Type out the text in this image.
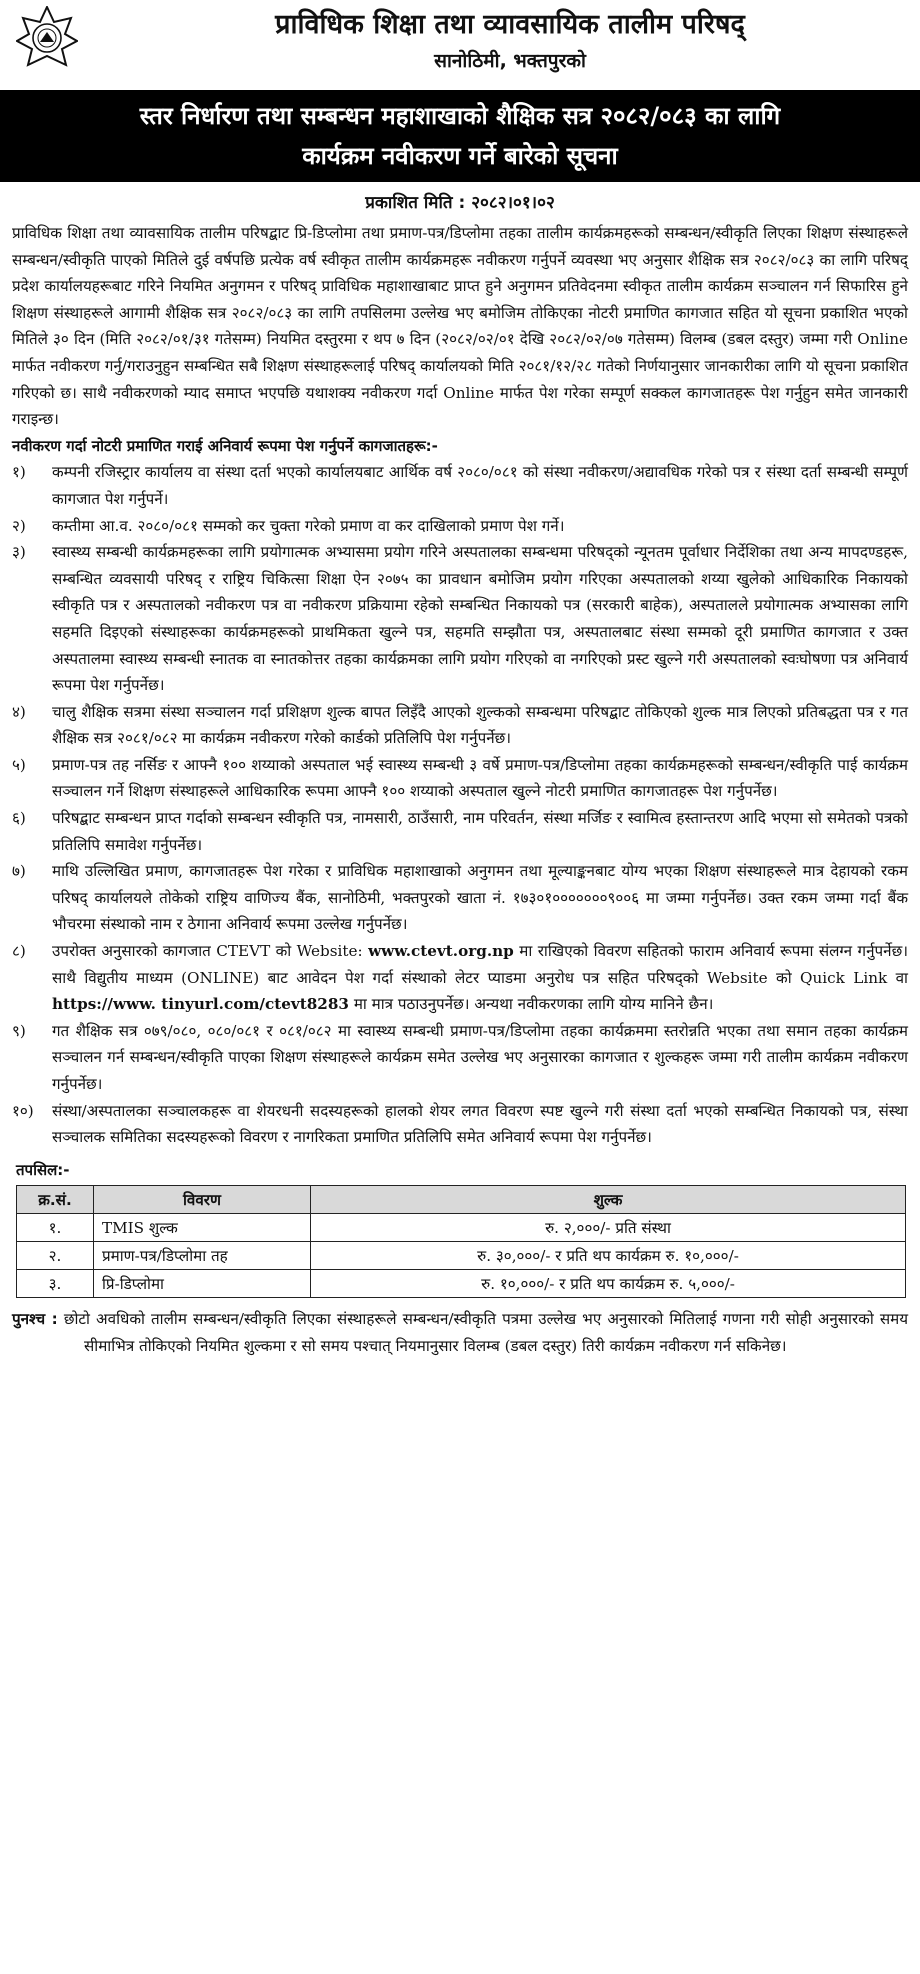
प्राविधिक शिक्षा तथा व्यावसायिक तालीम परिषद्
सानोठिमी, भक्तपुरको
स्तर निर्धारण तथा सम्बन्धन महाशाखाको शैक्षिक सत्र २०८२/०८३ का लागि
कार्यक्रम नवीकरण गर्ने बारेको सूचना
प्रकाशित मिति : २०८२।०१।०२

प्राविधिक शिक्षा तथा व्यावसायिक तालीम परिषद्बाट प्रि-डिप्लोमा तथा प्रमाण-पत्र/डिप्लोमा तहका तालीम कार्यक्रमहरूको सम्बन्धन/स्वीकृति लिएका शिक्षण संस्थाहरूले सम्बन्धन/स्वीकृति पाएको मितिले दुई वर्षपछि प्रत्येक वर्ष स्वीकृत तालीम कार्यक्रमहरू नवीकरण गर्नुपर्ने व्यवस्था भए अनुसार शैक्षिक सत्र २०८२/०८३ का लागि परिषद् प्रदेश कार्यालयहरूबाट गरिने नियमित अनुगमन र परिषद् प्राविधिक महाशाखाबाट प्राप्त हुने अनुगमन प्रतिवेदनमा स्वीकृत तालीम कार्यक्रम सञ्चालन गर्न सिफारिस हुने शिक्षण संस्थाहरूले आगामी शैक्षिक सत्र २०८२/०८३ का लागि तपसिलमा उल्लेख भए बमोजिम तोकिएका नोटरी प्रमाणित कागजात सहित यो सूचना प्रकाशित भएको मितिले ३० दिन (मिति २०८२/०१/३१ गतेसम्म) नियमित दस्तुरमा र थप ७ दिन (२०८२/०२/०१ देखि २०८२/०२/०७ गतेसम्म) विलम्ब (डबल दस्तुर) जम्मा गरी Online मार्फत नवीकरण गर्नु/गराउनुहुन सम्बन्धित सबै शिक्षण संस्थाहरूलाई परिषद् कार्यालयको मिति २०८१/१२/२८ गतेको निर्णयानुसार जानकारीका लागि यो सूचना प्रकाशित गरिएको छ। साथै नवीकरणको म्याद समाप्त भएपछि यथाशक्य नवीकरण गर्दा Online मार्फत पेश गरेका सम्पूर्ण सक्कल कागजातहरू पेश गर्नुहुन समेत जानकारी गराइन्छ।

नवीकरण गर्दा नोटरी प्रमाणित गराई अनिवार्य रूपमा पेश गर्नुपर्ने कागजातहरू:-

१)	कम्पनी रजिस्ट्रार कार्यालय वा संस्था दर्ता भएको कार्यालयबाट आर्थिक वर्ष २०८०/०८१ को संस्था नवीकरण/अद्यावधिक गरेको पत्र र संस्था दर्ता सम्बन्धी सम्पूर्ण कागजात पेश गर्नुपर्ने।
२)	कम्तीमा आ.व. २०८०/०८१ सम्मको कर चुक्ता गरेको प्रमाण वा कर दाखिलाको प्रमाण पेश गर्ने।
३)	स्वास्थ्य सम्बन्धी कार्यक्रमहरूका लागि प्रयोगात्मक अभ्यासमा प्रयोग गरिने अस्पतालका सम्बन्धमा परिषद्को न्यूनतम पूर्वाधार निर्देशिका तथा अन्य मापदण्डहरू, सम्बन्धित व्यवसायी परिषद् र राष्ट्रिय चिकित्सा शिक्षा ऐन २०७५ का प्रावधान बमोजिम प्रयोग गरिएका अस्पतालको शय्या खुलेको आधिकारिक निकायको स्वीकृति पत्र र अस्पतालको नवीकरण पत्र वा नवीकरण प्रक्रियामा रहेको सम्बन्धित निकायको पत्र (सरकारी बाहेक), अस्पतालले प्रयोगात्मक अभ्यासका लागि सहमति दिइएको संस्थाहरूका कार्यक्रमहरूको प्राथमिकता खुल्ने पत्र, सहमति सम्झौता पत्र, अस्पतालबाट संस्था सम्मको दूरी प्रमाणित कागजात र उक्त अस्पतालमा स्वास्थ्य सम्बन्धी स्नातक वा स्नातकोत्तर तहका कार्यक्रमका लागि प्रयोग गरिएको वा नगरिएको प्रस्ट खुल्ने गरी अस्पतालको स्वःघोषणा पत्र अनिवार्य रूपमा पेश गर्नुपर्नेछ।
४)	चालु शैक्षिक सत्रमा संस्था सञ्चालन गर्दा प्रशिक्षण शुल्क बापत लिइँदै आएको शुल्कको सम्बन्धमा परिषद्बाट तोकिएको शुल्क मात्र लिएको प्रतिबद्धता पत्र र गत शैक्षिक सत्र २०८१/०८२ मा कार्यक्रम नवीकरण गरेको कार्डको प्रतिलिपि पेश गर्नुपर्नेछ।
५)	प्रमाण-पत्र तह नर्सिङ र आफ्नै १०० शय्याको अस्पताल भई स्वास्थ्य सम्बन्धी ३ वर्षे प्रमाण-पत्र/डिप्लोमा तहका कार्यक्रमहरूको सम्बन्धन/स्वीकृति पाई कार्यक्रम सञ्चालन गर्ने शिक्षण संस्थाहरूले आधिकारिक रूपमा आफ्नै १०० शय्याको अस्पताल खुल्ने नोटरी प्रमाणित कागजातहरू पेश गर्नुपर्नेछ।
६)	परिषद्बाट सम्बन्धन प्राप्त गर्दाको सम्बन्धन स्वीकृति पत्र, नामसारी, ठाउँसारी, नाम परिवर्तन, संस्था मर्जिङ र स्वामित्व हस्तान्तरण आदि भएमा सो समेतको पत्रको प्रतिलिपि समावेश गर्नुपर्नेछ।
७)	माथि उल्लिखित प्रमाण, कागजातहरू पेश गरेका र प्राविधिक महाशाखाको अनुगमन तथा मूल्याङ्कनबाट योग्य भएका शिक्षण संस्थाहरूले मात्र देहायको रकम परिषद् कार्यालयले तोकेको राष्ट्रिय वाणिज्य बैंक, सानोठिमी, भक्तपुरको खाता नं. १७३०१०००००००९००६ मा जम्मा गर्नुपर्नेछ। उक्त रकम जम्मा गर्दा बैंक भौचरमा संस्थाको नाम र ठेगाना अनिवार्य रूपमा उल्लेख गर्नुपर्नेछ।
८)	उपरोक्त अनुसारको कागजात CTEVT को Website: www.ctevt.org.np मा राखिएको विवरण सहितको फाराम अनिवार्य रूपमा संलग्न गर्नुपर्नेछ। साथै विद्युतीय माध्यम (ONLINE) बाट आवेदन पेश गर्दा संस्थाको लेटर प्याडमा अनुरोध पत्र सहित परिषद्को Website को Quick Link वा https://www. tinyurl.com/ctevt8283 मा मात्र पठाउनुपर्नेछ। अन्यथा नवीकरणका लागि योग्य मानिने छैन।
९)	गत शैक्षिक सत्र ०७९/०८०, ०८०/०८१ र ०८१/०८२ मा स्वास्थ्य सम्बन्धी प्रमाण-पत्र/डिप्लोमा तहका कार्यक्रममा स्तरोन्नति भएका तथा समान तहका कार्यक्रम सञ्चालन गर्न सम्बन्धन/स्वीकृति पाएका शिक्षण संस्थाहरूले कार्यक्रम समेत उल्लेख भए अनुसारका कागजात र शुल्कहरू जम्मा गरी तालीम कार्यक्रम नवीकरण गर्नुपर्नेछ।
१०)	संस्था/अस्पतालका सञ्चालकहरू वा शेयरधनी सदस्यहरूको हालको शेयर लगत विवरण स्पष्ट खुल्ने गरी संस्था दर्ता भएको सम्बन्धित निकायको पत्र, संस्था सञ्चालक समितिका सदस्यहरूको विवरण र नागरिकता प्रमाणित प्रतिलिपि समेत अनिवार्य रूपमा पेश गर्नुपर्नेछ।
तपसिल:-
क्र.सं.	विवरण	शुल्क
१.	TMIS शुल्क	रु. २,०००/- प्रति संस्था
२.	प्रमाण-पत्र/डिप्लोमा तह	रु. ३०,०००/- र प्रति थप कार्यक्रम रु. १०,०००/-
३.	प्रि-डिप्लोमा	रु. १०,०००/- र प्रति थप कार्यक्रम रु. ५,०००/-

पुनश्च : छोटो अवधिको तालीम सम्बन्धन/स्वीकृति लिएका संस्थाहरूले सम्बन्धन/स्वीकृति पत्रमा उल्लेख भए अनुसारको मितिलाई गणना गरी सोही अनुसारको समय सीमाभित्र तोकिएको नियमित शुल्कमा र सो समय पश्चात् नियमानुसार विलम्ब (डबल दस्तुर) तिरी कार्यक्रम नवीकरण गर्न सकिनेछ।
